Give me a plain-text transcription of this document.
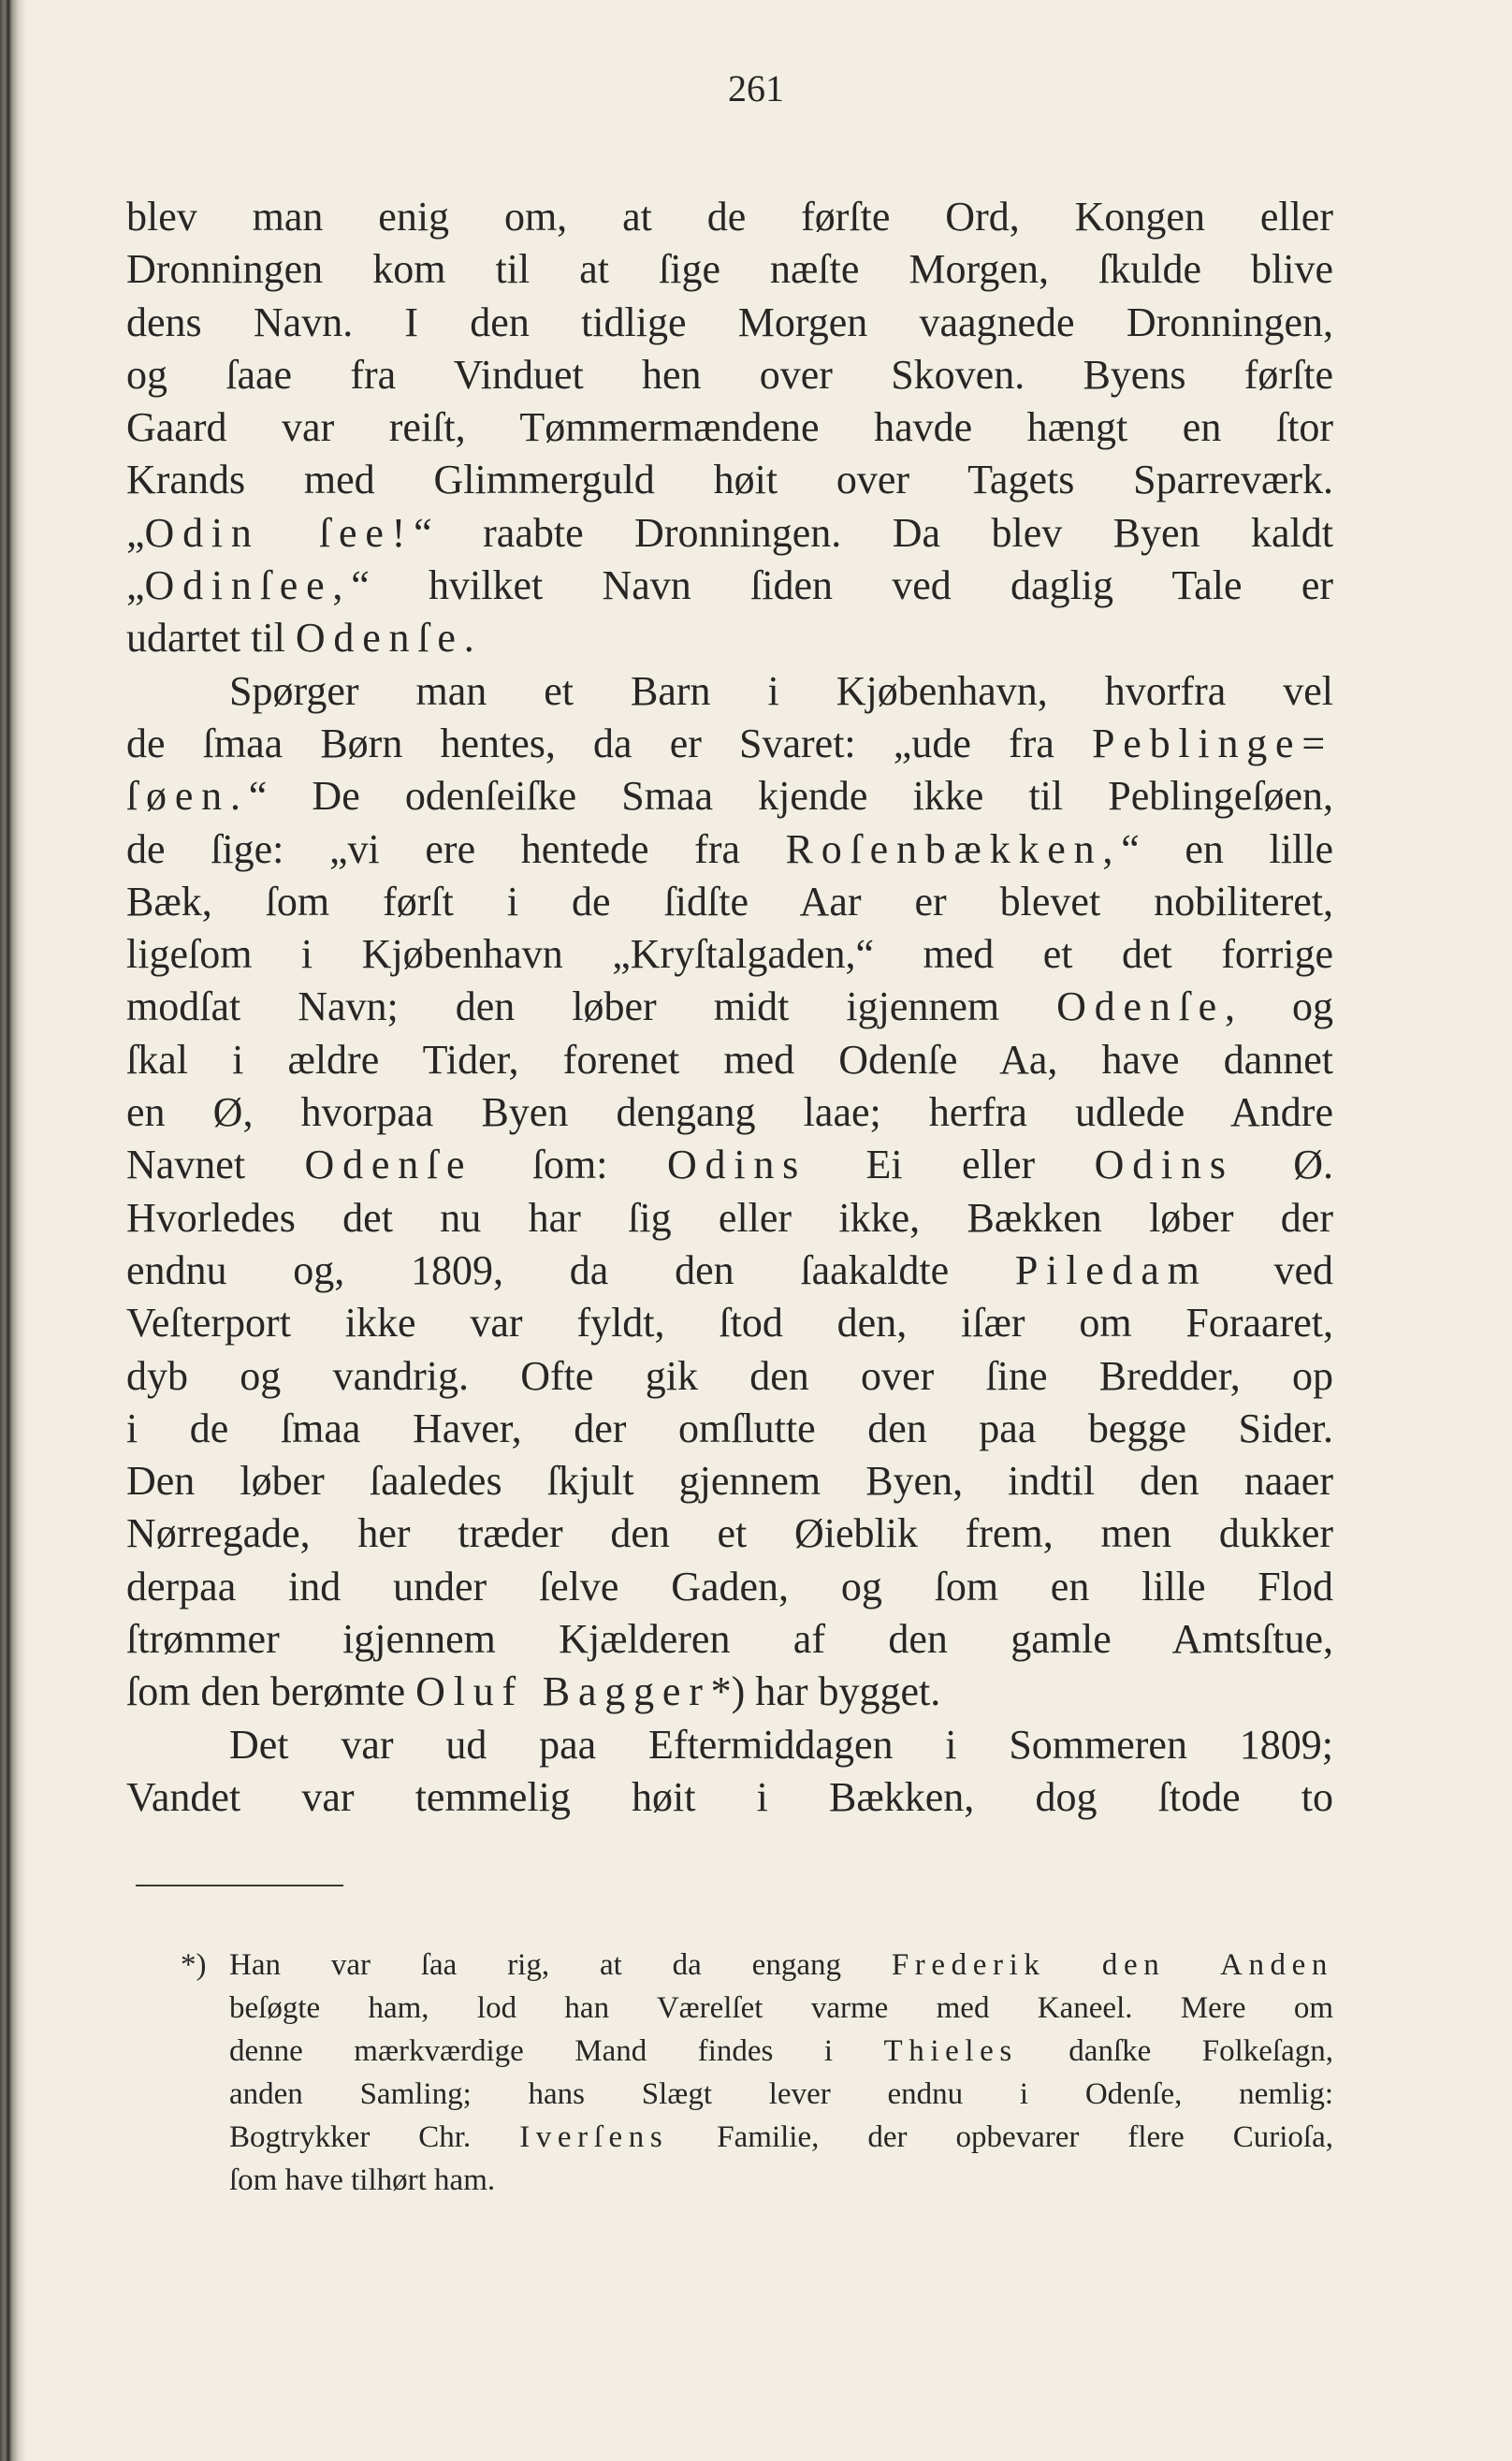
261
blev man enig om, at de førſte Ord, Kongen eller
Dronningen kom til at ſige næſte Morgen, ſkulde blive
dens Navn. I den tidlige Morgen vaagnede Dronningen,
og ſaae fra Vinduet hen over Skoven. Byens førſte
Gaard var reiſt, Tømmermændene havde hængt en ſtor
Krands med Glimmerguld høit over Tagets Sparreværk.
„Odin ſee!“ raabte Dronningen. Da blev Byen kaldt
„Odinſee,“ hvilket Navn ſiden ved daglig Tale er
udartet til Odenſe.
Spørger man et Barn i Kjøbenhavn, hvorfra vel
de ſmaa Børn hentes, da er Svaret: „ude fra Peblinge=
ſøen.“ De odenſeiſke Smaa kjende ikke til Peblingeſøen,
de ſige: „vi ere hentede fra Roſenbækken,“ en lille
Bæk, ſom førſt i de ſidſte Aar er blevet nobiliteret,
ligeſom i Kjøbenhavn „Kryſtalgaden,“ med et det forrige
modſat Navn; den løber midt igjennem Odenſe, og
ſkal i ældre Tider, forenet med Odenſe Aa, have dannet
en Ø, hvorpaa Byen dengang laae; herfra udlede Andre
Navnet Odenſe ſom: Odins Ei eller Odins Ø.
Hvorledes det nu har ſig eller ikke, Bækken løber der
endnu og, 1809, da den ſaakaldte Piledam ved
Veſterport ikke var fyldt, ſtod den, iſær om Foraaret,
dyb og vandrig. Ofte gik den over ſine Bredder, op
i de ſmaa Haver, der omſlutte den paa begge Sider.
Den løber ſaaledes ſkjult gjennem Byen, indtil den naaer
Nørregade, her træder den et Øieblik frem, men dukker
derpaa ind under ſelve Gaden, og ſom en lille Flod
ſtrømmer igjennem Kjælderen af den gamle Amtsſtue,
ſom den berømte Oluf Bagger*) har bygget.
Det var ud paa Eftermiddagen i Sommeren 1809;
Vandet var temmelig høit i Bækken, dog ſtode to
*) Han var ſaa rig, at da engang Frederik den Anden
beſøgte ham, lod han Værelſet varme med Kaneel. Mere om
denne mærkværdige Mand findes i Thieles danſke Folkeſagn,
anden Samling; hans Slægt lever endnu i Odenſe, nemlig:
Bogtrykker Chr. Iverſens Familie, der opbevarer flere Curioſa,
ſom have tilhørt ham.
